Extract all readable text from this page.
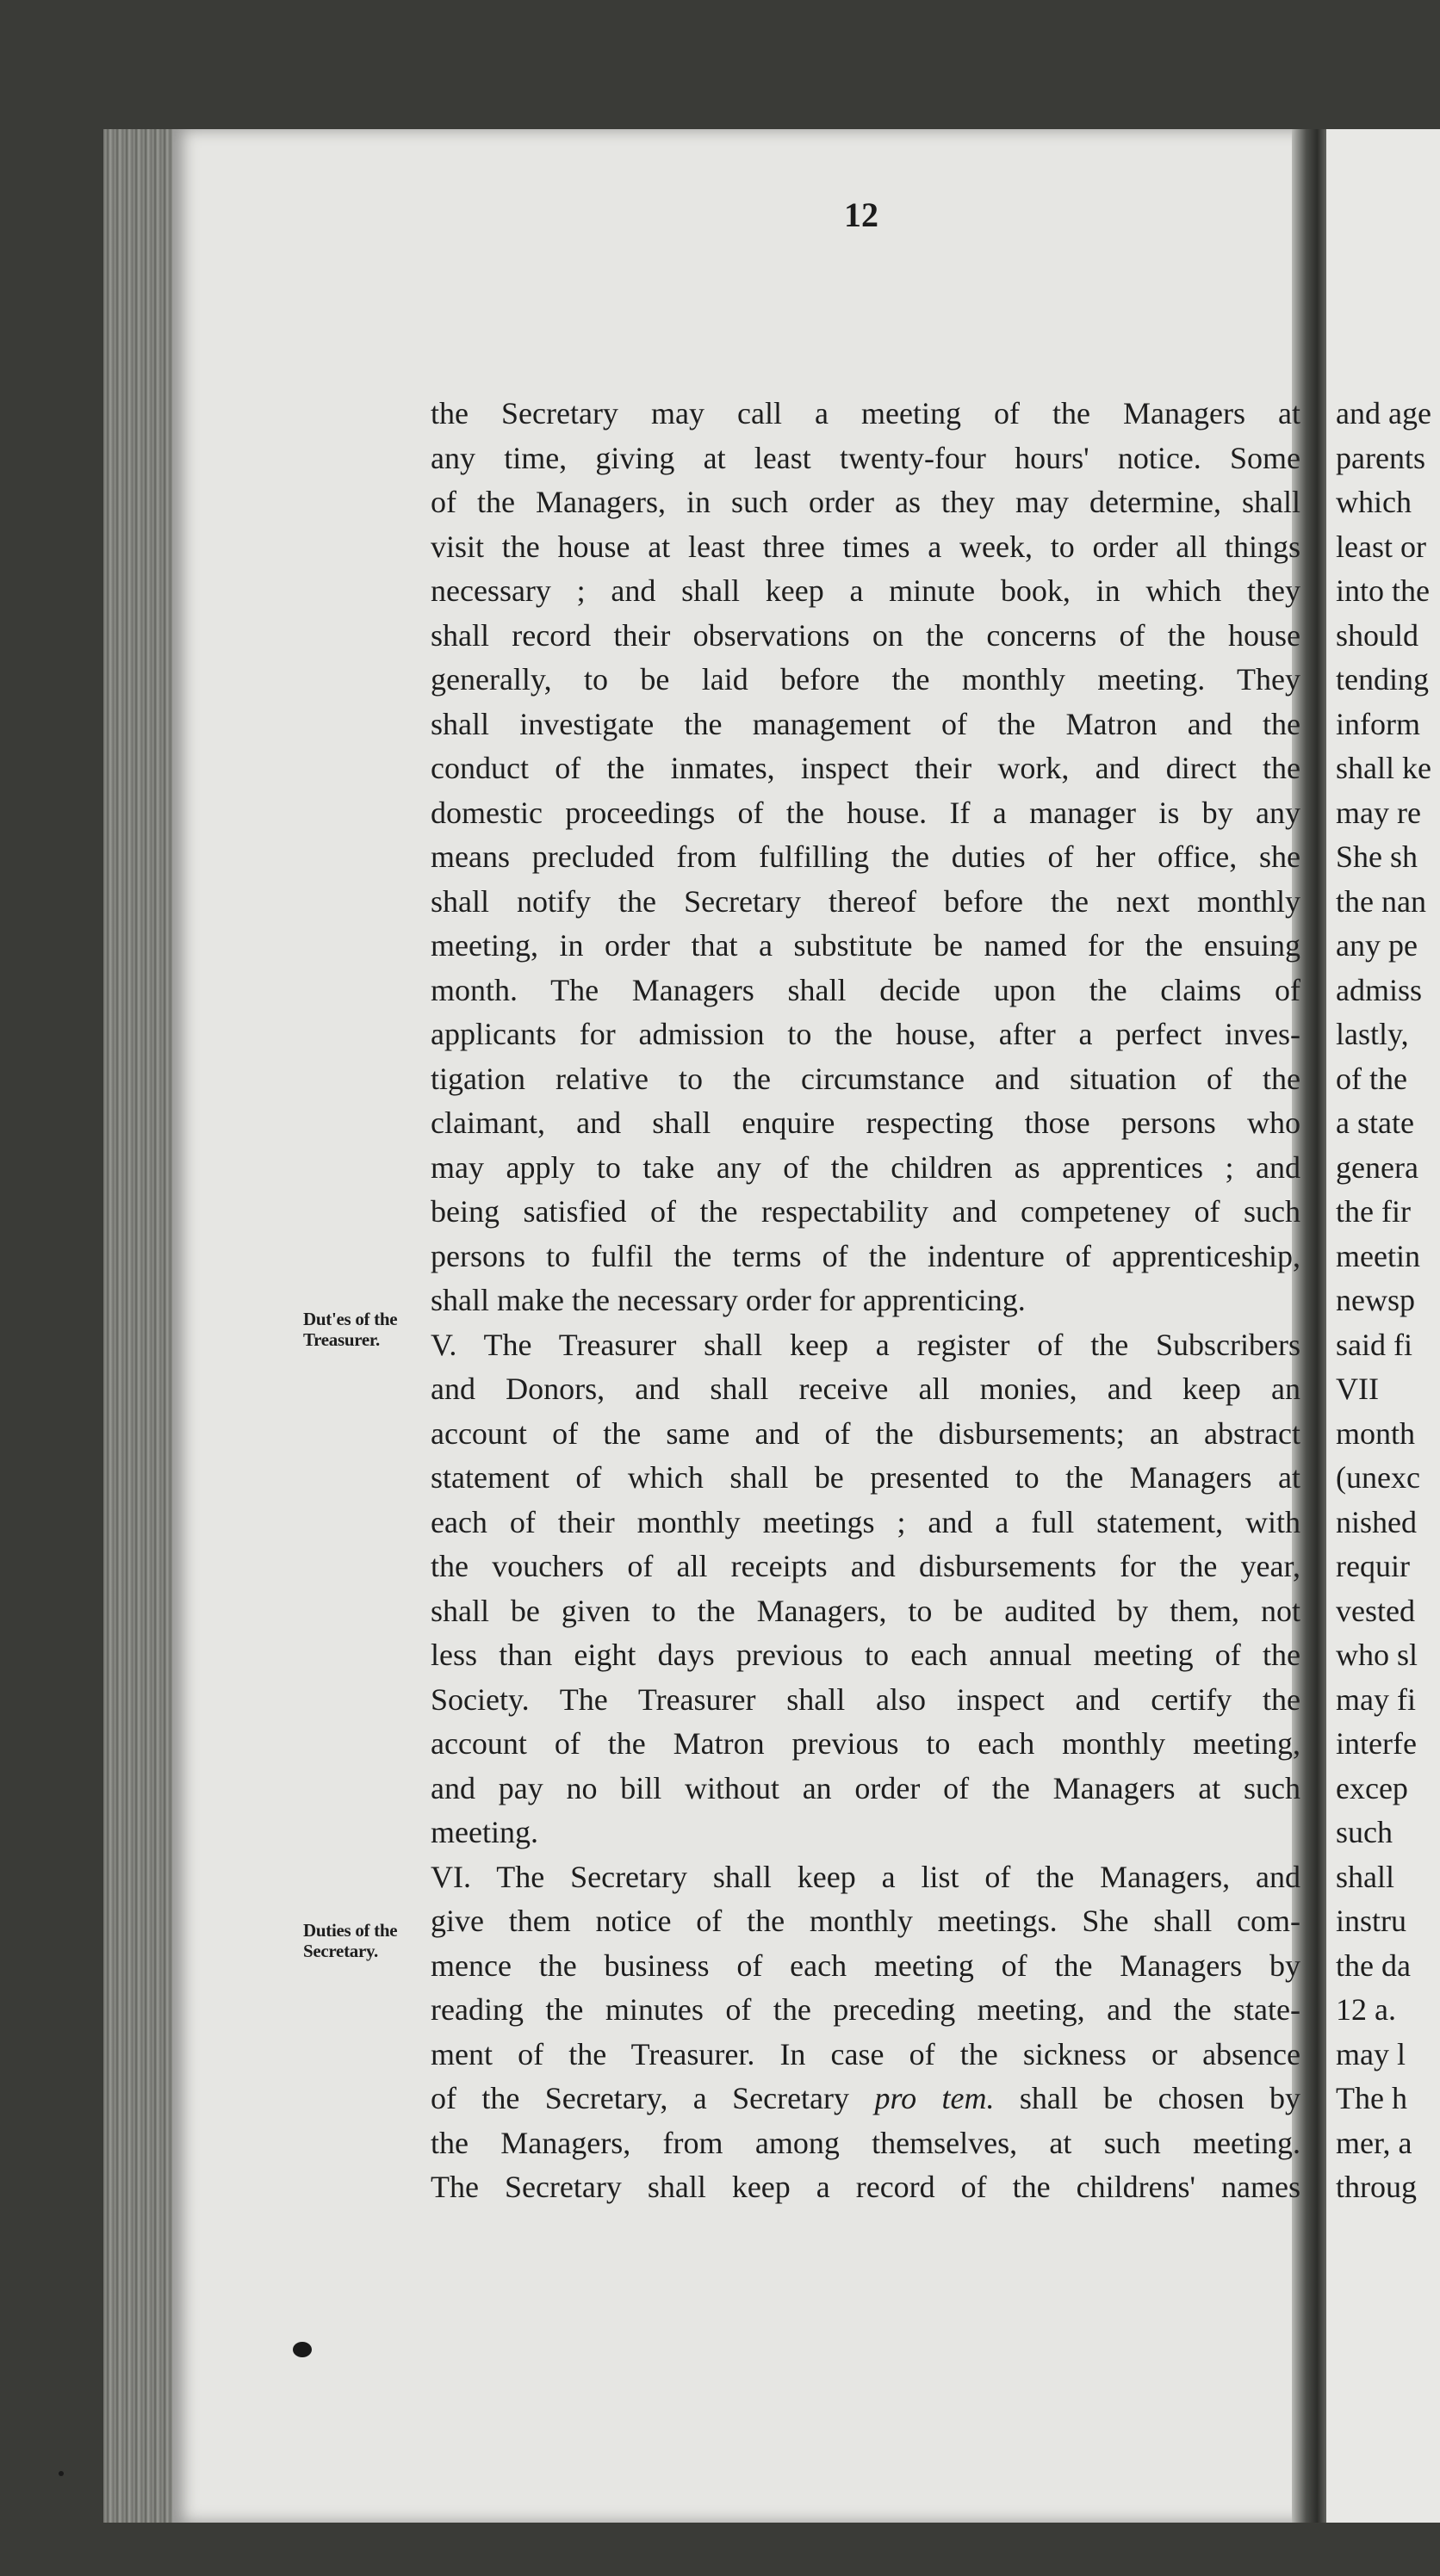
12
the Secretary may call a meeting of the Managers at
any time, giving at least twenty-four hours' notice. Some
of the Managers, in such order as they may determine, shall
visit the house at least three times a week, to order all things
necessary ; and shall keep a minute book, in which they
shall record their observations on the concerns of the house
generally, to be laid before the monthly meeting. They
shall investigate the management of the Matron and the
conduct of the inmates, inspect their work, and direct the
domestic proceedings of the house. If a manager is by any
means precluded from fulfilling the duties of her office, she
shall notify the Secretary thereof before the next monthly
meeting, in order that a substitute be named for the ensuing
month. The Managers shall decide upon the claims of
applicants for admission to the house, after a perfect inves-
tigation relative to the circumstance and situation of the
claimant, and shall enquire respecting those persons who
may apply to take any of the children as apprentices ; and
being satisfied of the respectability and competeney of such
persons to fulfil the terms of the indenture of apprenticeship,
shall make the necessary order for apprenticing.
V. The Treasurer shall keep a register of the Subscribers
and Donors, and shall receive all monies, and keep an
account of the same and of the disbursements; an abstract
statement of which shall be presented to the Managers at
each of their monthly meetings ; and a full statement, with
the vouchers of all receipts and disbursements for the year,
shall be given to the Managers, to be audited by them, not
less than eight days previous to each annual meeting of the
Society. The Treasurer shall also inspect and certify the
account of the Matron previous to each monthly meeting,
and pay no bill without an order of the Managers at such
meeting.
VI. The Secretary shall keep a list of the Managers, and
give them notice of the monthly meetings. She shall com-
mence the business of each meeting of the Managers by
reading the minutes of the preceding meeting, and the state-
ment of the Treasurer. In case of the sickness or absence
of the Secretary, a Secretary pro tem. shall be chosen by
the Managers, from among themselves, at such meeting.
The Secretary shall keep a record of the childrens' names
Dut'es of the Treasurer.
Duties of the Secretary.
and age
parents
which
least or
into the
should
tending
inform
shall ke
may re
She sh
the nan
any pe
admiss
lastly,
of the
a state
genera
the fir
meetin
newsp
said fi
VII
month
(unexc
nished
requir
vested
who sl
may fi
interfe
excep
such
shall
instru
the da
12 a.
may l
The h
mer, a
throug
